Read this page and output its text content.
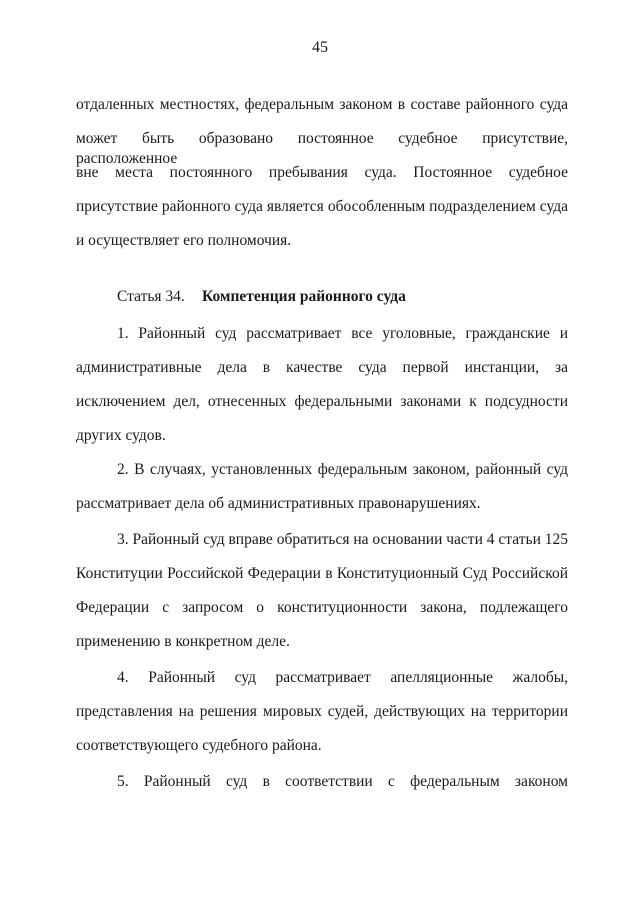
45
отдаленных местностях, федеральным законом в составе районного суда
может быть образовано постоянное судебное присутствие, расположенное
вне места постоянного пребывания суда. Постоянное судебное
присутствие районного суда является обособленным подразделением суда
и осуществляет его полномочия.
Статья 34. Компетенция районного суда
1. Районный суд рассматривает все уголовные, гражданские и
административные дела в качестве суда первой инстанции, за
исключением дел, отнесенных федеральными законами к подсудности
других судов.
2. В случаях, установленных федеральным законом, районный суд
рассматривает дела об административных правонарушениях.
3. Районный суд вправе обратиться на основании части 4 статьи 125
Конституции Российской Федерации в Конституционный Суд Российской
Федерации с запросом о конституционности закона, подлежащего
применению в конкретном деле.
4. Районный суд рассматривает апелляционные жалобы,
представления на решения мировых судей, действующих на территории
соответствующего судебного района.
5. Районный суд в соответствии с федеральным законом
